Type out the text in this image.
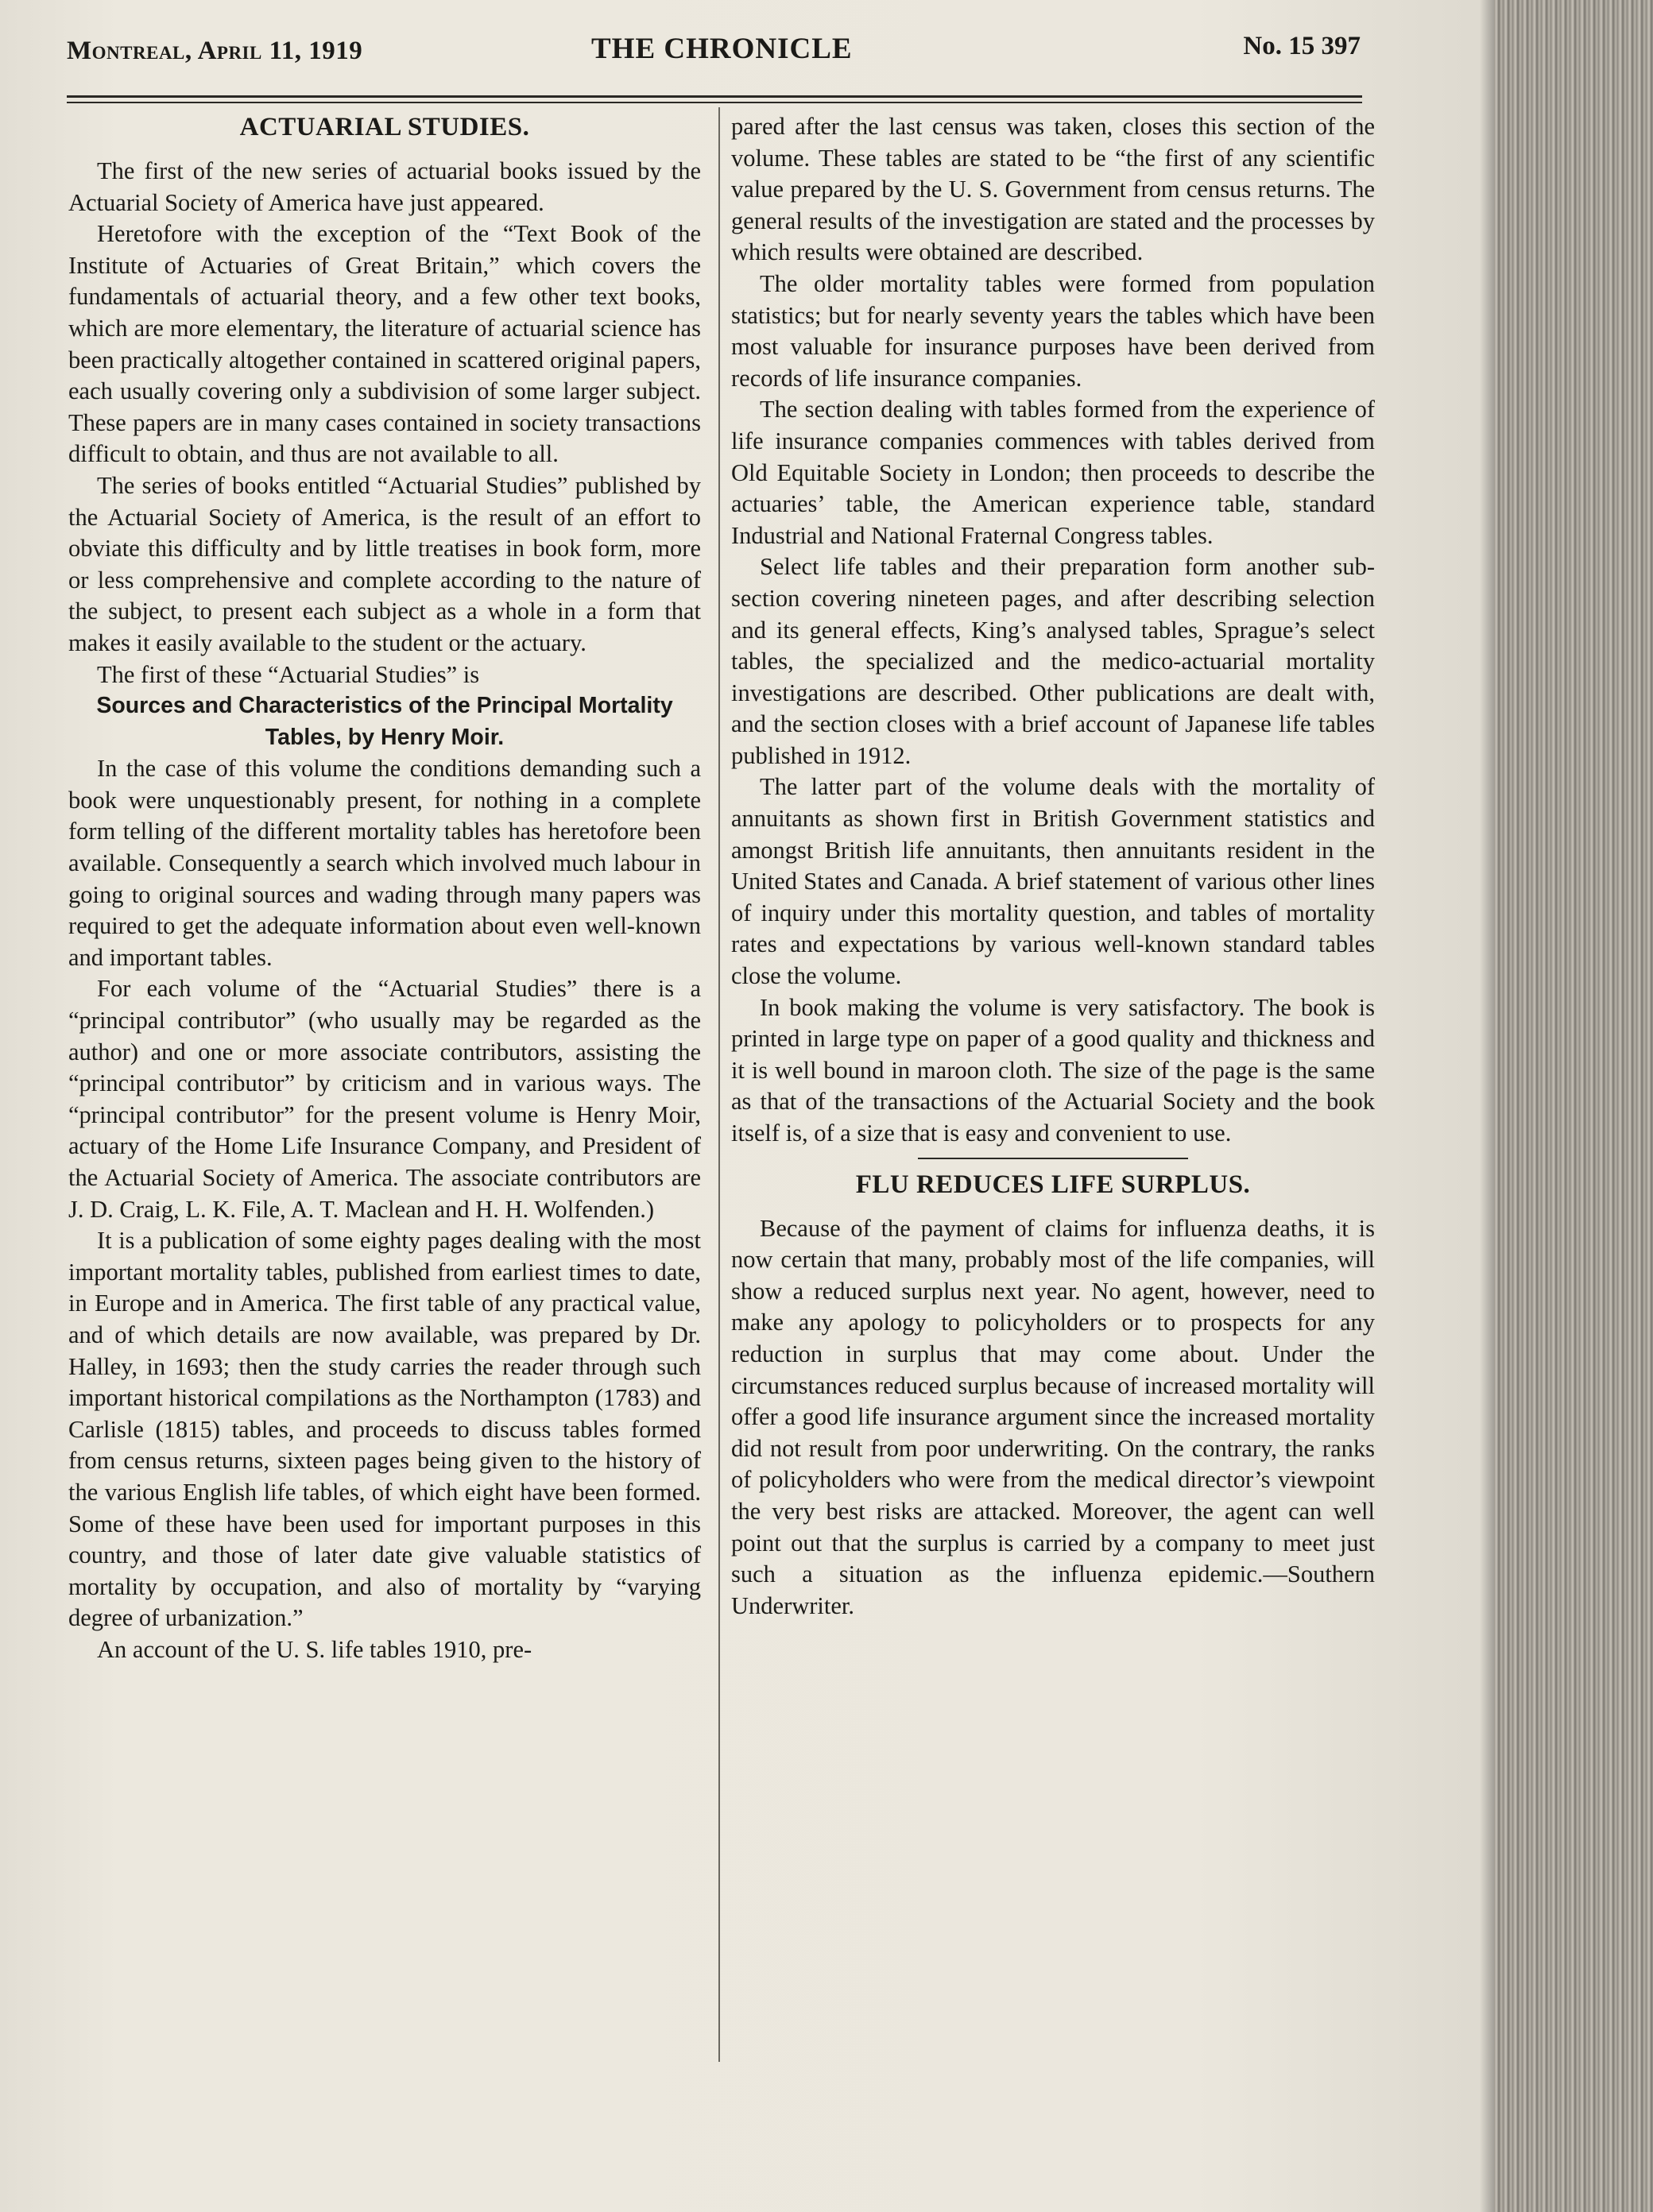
Montreal, April 11, 1919	THE CHRONICLE	No. 15 397
ACTUARIAL STUDIES.

The first of the new series of actuarial books issued by the Actuarial Society of America have just appeared.

Heretofore with the exception of the “Text Book of the Institute of Actuaries of Great Britain,” which covers the fundamentals of actuarial theory, and a few other text books, which are more elementary, the literature of actuarial science has been practically altogether contained in scattered original papers, each usually covering only a subdivision of some larger subject. These papers are in many cases contained in society transactions difficult to obtain, and thus are not available to all.

The series of books entitled “Actuarial Studies” published by the Actuarial Society of America, is the result of an effort to obviate this difficulty and by little treatises in book form, more or less comprehensive and complete according to the nature of the subject, to present each subject as a whole in a form that makes it easily available to the student or the actuary.

The first of these “Actuarial Studies” is

Sources and Characteristics of the Principal Mortality Tables, by Henry Moir.

In the case of this volume the conditions demanding such a book were unquestionably present, for nothing in a complete form telling of the different mortality tables has heretofore been available. Consequently a search which involved much labour in going to original sources and wading through many papers was required to get the adequate information about even well-known and important tables.

For each volume of the “Actuarial Studies” there is a “principal contributor” (who usually may be regarded as the author) and one or more associate contributors, assisting the “principal contributor” by criticism and in various ways. The “principal contributor” for the present volume is Henry Moir, actuary of the Home Life Insurance Company, and President of the Actuarial Society of America. The associate contributors are J. D. Craig, L. K. File, A. T. Maclean and H. H. Wolfenden.)

It is a publication of some eighty pages dealing with the most important mortality tables, published from earliest times to date, in Europe and in America. The first table of any practical value, and of which details are now available, was prepared by Dr. Halley, in 1693; then the study carries the reader through such important historical compilations as the Northampton (1783) and Carlisle (1815) tables, and proceeds to discuss tables formed from census returns, sixteen pages being given to the history of the various English life tables, of which eight have been formed. Some of these have been used for important purposes in this country, and those of later date give valuable statistics of mortality by occupation, and also of mortality by “varying degree of urbanization.”

An account of the U. S. life tables 1910, pre-

pared after the last census was taken, closes this section of the volume. These tables are stated to be “the first of any scientific value prepared by the U. S. Government from census returns. The general results of the investigation are stated and the processes by which results were obtained are described.

The older mortality tables were formed from population statistics; but for nearly seventy years the tables which have been most valuable for insurance purposes have been derived from records of life insurance companies.

The section dealing with tables formed from the experience of life insurance companies commences with tables derived from Old Equitable Society in London; then proceeds to describe the actuaries’ table, the American experience table, standard Industrial and National Fraternal Congress tables.

Select life tables and their preparation form another sub-section covering nineteen pages, and after describing selection and its general effects, King’s analysed tables, Sprague’s select tables, the specialized and the medico-actuarial mortality investigations are described. Other publications are dealt with, and the section closes with a brief account of Japanese life tables published in 1912.

The latter part of the volume deals with the mortality of annuitants as shown first in British Government statistics and amongst British life annuitants, then annuitants resident in the United States and Canada. A brief statement of various other lines of inquiry under this mortality question, and tables of mortality rates and expectations by various well-known standard tables close the volume.

In book making the volume is very satisfactory. The book is printed in large type on paper of a good quality and thickness and it is well bound in maroon cloth. The size of the page is the same as that of the transactions of the Actuarial Society and the book itself is, of a size that is easy and convenient to use.

FLU REDUCES LIFE SURPLUS.

Because of the payment of claims for influenza deaths, it is now certain that many, probably most of the life companies, will show a reduced surplus next year. No agent, however, need to make any apology to policyholders or to prospects for any reduction in surplus that may come about. Under the circumstances reduced surplus because of increased mortality will offer a good life insurance argument since the increased mortality did not result from poor underwriting. On the contrary, the ranks of policyholders who were from the medical director’s viewpoint the very best risks are attacked. Moreover, the agent can well point out that the surplus is carried by a company to meet just such a situation as the influenza epidemic.—Southern Underwriter.
